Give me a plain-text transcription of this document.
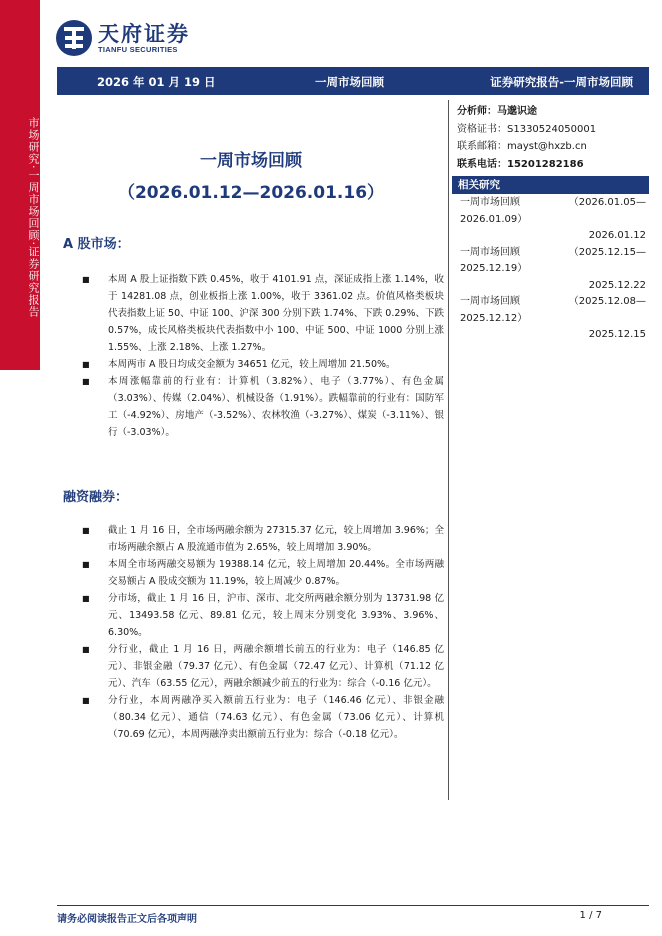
市场研究·一周市场回顾·证券研究报告
天府证券
TIANFU SECURITIES
2026 年 01 月 19 日	一周市场回顾	证券研究报告-一周市场回顾
一周市场回顾
（2026.01.12—2026.01.16）
A 股市场：
■ 本周 A 股上证指数下跌 0.45%，收于 4101.91 点，深证成指上涨 1.14%，收于 14281.08 点，创业板指上涨 1.00%，收于 3361.02 点。价值风格类板块代表指数上证 50、中证 100、沪深 300 分别下跌 1.74%、下跌 0.29%、下跌 0.57%，成长风格类板块代表指数中小 100、中证 500、中证 1000 分别上涨 1.55%、上涨 2.18%、上涨 1.27%。
■ 本周两市 A 股日均成交金额为 34651 亿元，较上周增加 21.50%。
■ 本周涨幅靠前的行业有：计算机（3.82%）、电子（3.77%）、有色金属（3.03%）、传媒（2.04%）、机械设备（1.91%）。跌幅靠前的行业有：国防军工（-4.92%）、房地产（-3.52%）、农林牧渔（-3.27%）、煤炭（-3.11%）、银行（-3.03%）。
融资融券：
■ 截止 1 月 16 日，全市场两融余额为 27315.37 亿元，较上周增加 3.96%；全市场两融余额占 A 股流通市值为 2.65%，较上周增加 3.90%。
■ 本周全市场两融交易额为 19388.14 亿元，较上周增加 20.44%。全市场两融交易额占 A 股成交额为 11.19%，较上周减少 0.87%。
■ 分市场，截止 1 月 16 日，沪市、深市、北交所两融余额分别为 13731.98 亿元、13493.58 亿元、89.81 亿元，较上周末分别变化 3.93%、3.96%、6.30%。
■ 分行业，截止 1 月 16 日，两融余额增长前五的行业为：电子（146.85 亿元）、非银金融（79.37 亿元）、有色金属（72.47 亿元）、计算机（71.12 亿元）、汽车（63.55 亿元），两融余额减少前五的行业为：综合（-0.16 亿元）。
■ 分行业，本周两融净买入额前五行业为：电子（146.46 亿元）、非银金融（80.34 亿元）、通信（74.63 亿元）、有色金属（73.06 亿元）、计算机（70.69 亿元），本周两融净卖出额前五行业为：综合（-0.18 亿元）。
分析师：马邈识途
资格证书：S1330524050001
联系邮箱：mayst@hxzb.cn
联系电话：15201282186
相关研究
一周市场回顾	（2026.01.05—
2026.01.09）
2026.01.12
一周市场回顾	（2025.12.15—
2025.12.19）
2025.12.22
一周市场回顾	（2025.12.08—
2025.12.12）
2025.12.15
请务必阅读报告正文后各项声明	1 / 7
